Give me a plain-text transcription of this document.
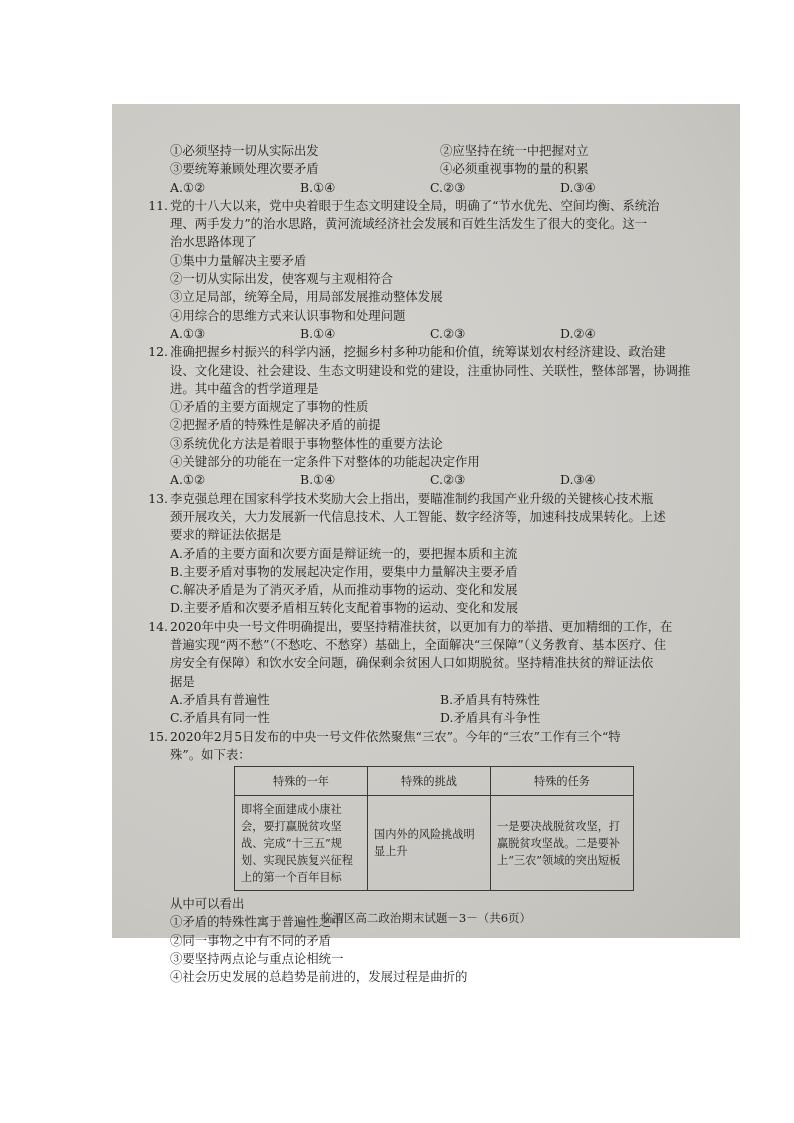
①必须坚持一切从实际出发	②应坚持在统一中把握对立
③要统筹兼顾处理次要矛盾	④必须重视事物的量的积累
A.①②	B.①④	C.②③	D.③④
11. 党的十八大以来，党中央着眼于生态文明建设全局，明确了“节水优先、空间均衡、系统治
理、两手发力”的治水思路，黄河流域经济社会发展和百姓生活发生了很大的变化。这一
治水思路体现了
①集中力量解决主要矛盾
②一切从实际出发，使客观与主观相符合
③立足局部，统筹全局，用局部发展推动整体发展
④用综合的思维方式来认识事物和处理问题
A.①③	B.①④	C.②③	D.②④
12. 准确把握乡村振兴的科学内涵，挖掘乡村多种功能和价值，统筹谋划农村经济建设、政治建
设、文化建设、社会建设、生态文明建设和党的建设，注重协同性、关联性，整体部署，协调推
进。其中蕴含的哲学道理是
①矛盾的主要方面规定了事物的性质
②把握矛盾的特殊性是解决矛盾的前提
③系统优化方法是着眼于事物整体性的重要方法论
④关键部分的功能在一定条件下对整体的功能起决定作用
A.①②	B.①④	C.②③	D.③④
13. 李克强总理在国家科学技术奖励大会上指出，要瞄准制约我国产业升级的关键核心技术瓶
颈开展攻关，大力发展新一代信息技术、人工智能、数字经济等，加速科技成果转化。上述
要求的辩证法依据是
A.矛盾的主要方面和次要方面是辩证统一的，要把握本质和主流
B.主要矛盾对事物的发展起决定作用，要集中力量解决主要矛盾
C.解决矛盾是为了消灭矛盾，从而推动事物的运动、变化和发展
D.主要矛盾和次要矛盾相互转化支配着事物的运动、变化和发展
14. 2020年中央一号文件明确提出，要坚持精准扶贫，以更加有力的举措、更加精细的工作，在
普遍实现“两不愁”（不愁吃、不愁穿）基础上，全面解决“三保障”（义务教育、基本医疗、住
房安全有保障）和饮水安全问题，确保剩余贫困人口如期脱贫。坚持精准扶贫的辩证法依
据是
A.矛盾具有普遍性	B.矛盾具有特殊性
C.矛盾具有同一性	D.矛盾具有斗争性
15. 2020年2月5日发布的中央一号文件依然聚焦“三农”。今年的“三农”工作有三个“特
殊”。如下表：
特殊的一年	特殊的挑战	特殊的任务
即将全面建成小康社会，要打赢脱贫攻坚战、完成“十三五”规划、实现民族复兴征程上的第一个百年目标	国内外的风险挑战明显上升	一是要决战脱贫攻坚，打赢脱贫攻坚战。二是要补上“三农”领域的突出短板
从中可以看出
①矛盾的特殊性寓于普遍性之中
②同一事物之中有不同的矛盾
③要坚持两点论与重点论相统一
④社会历史发展的总趋势是前进的，发展过程是曲折的
临渭区高二政治期末试题－3－（共6页）
